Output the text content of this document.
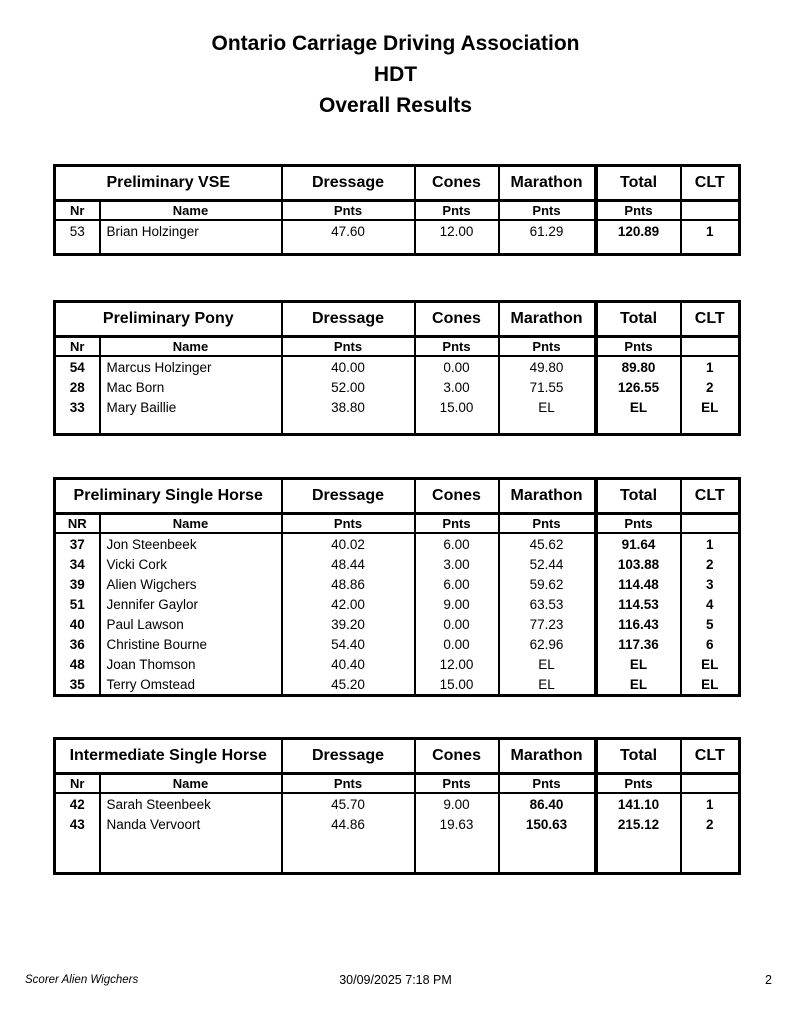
Ontario Carriage Driving Association
HDT
Overall Results
Preliminary VSE		Dressage	Cones	Marathon	Total	CLT
Nr	Name	Pnts	Pnts	Pnts	Pnts	
53	Brian Holzinger	47.60	12.00	61.29	120.89	1

Preliminary Pony		Dressage	Cones	Marathon	Total	CLT
Nr	Name	Pnts	Pnts	Pnts	Pnts	
54	Marcus Holzinger	40.00	0.00	49.80	89.80	1
28	Mac Born	52.00	3.00	71.55	126.55	2
33	Mary Baillie	38.80	15.00	EL	EL	EL

Preliminary Single Horse		Dressage	Cones	Marathon	Total	CLT
NR	Name	Pnts	Pnts	Pnts	Pnts	
37	Jon Steenbeek	40.02	6.00	45.62	91.64	1
34	Vicki Cork	48.44	3.00	52.44	103.88	2
39	Alien Wigchers	48.86	6.00	59.62	114.48	3
51	Jennifer Gaylor	42.00	9.00	63.53	114.53	4
40	Paul Lawson	39.20	0.00	77.23	116.43	5
36	Christine Bourne	54.40	0.00	62.96	117.36	6
48	Joan Thomson	40.40	12.00	EL	EL	EL
35	Terry Omstead	45.20	15.00	EL	EL	EL
Intermediate Single Horse		Dressage	Cones	Marathon	Total	CLT
Nr	Name	Pnts	Pnts	Pnts	Pnts	
42	Sarah Steenbeek	45.70	9.00	86.40	141.10	1
43	Nanda Vervoort	44.86	19.63	150.63	215.12	2

Scorer Alien Wigchers	30/09/2025 7:18 PM	2
